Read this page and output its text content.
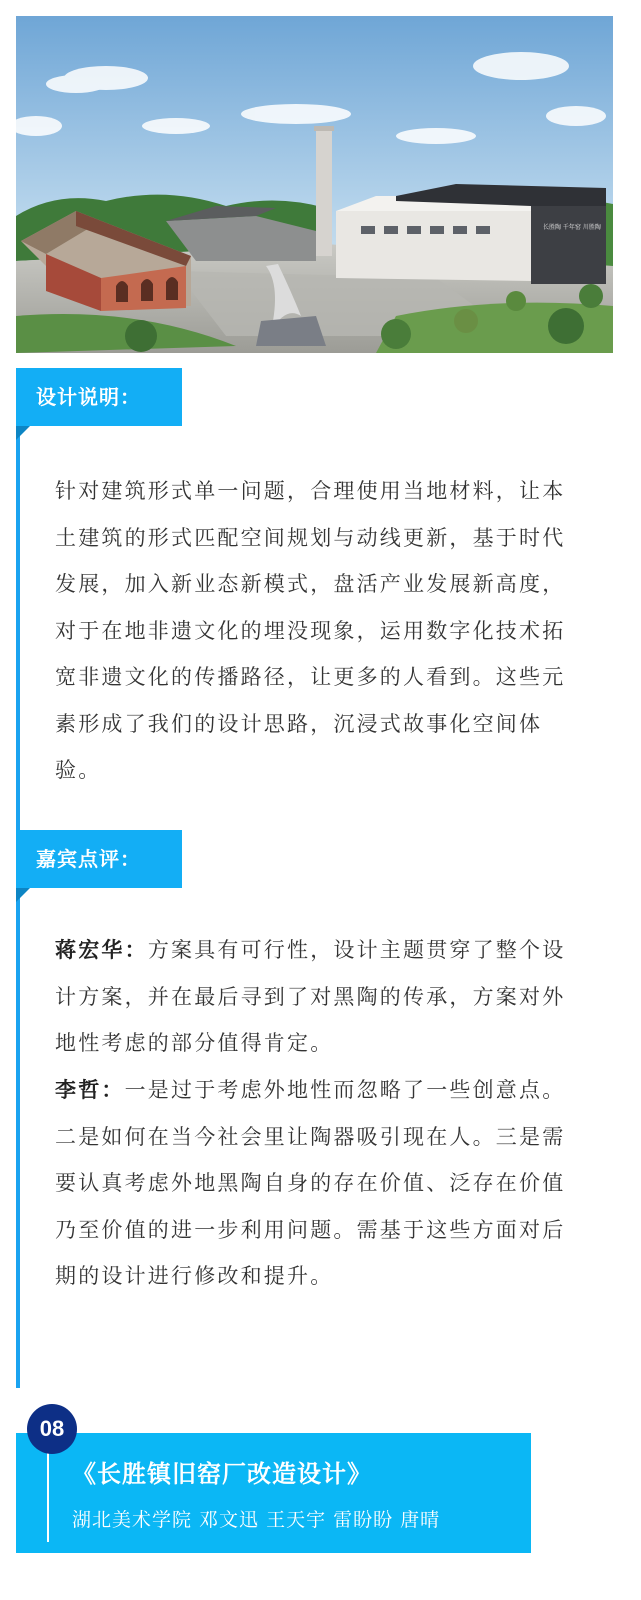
长胜陶 千年窑 川胜陶
设计说明：

针对建筑形式单一问题，合理使用当地材料，让本土建筑的形式匹配空间规划与动线更新，基于时代发展，加入新业态新模式，盘活产业发展新高度，对于在地非遗文化的埋没现象，运用数字化技术拓宽非遗文化的传播路径，让更多的人看到。这些元素形成了我们的设计思路，沉浸式故事化空间体验。

嘉宾点评：

蒋宏华：方案具有可行性，设计主题贯穿了整个设计方案，并在最后寻到了对黑陶的传承，方案对外地性考虑的部分值得肯定。

李哲：一是过于考虑外地性而忽略了一些创意点。二是如何在当今社会里让陶器吸引现在人。三是需要认真考虑外地黑陶自身的存在价值、泛存在价值乃至价值的进一步利用问题。需基于这些方面对后期的设计进行修改和提升。

08
《长胜镇旧窑厂改造设计》
湖北美术学院 邓文迅 王天宇 雷盼盼 唐晴
